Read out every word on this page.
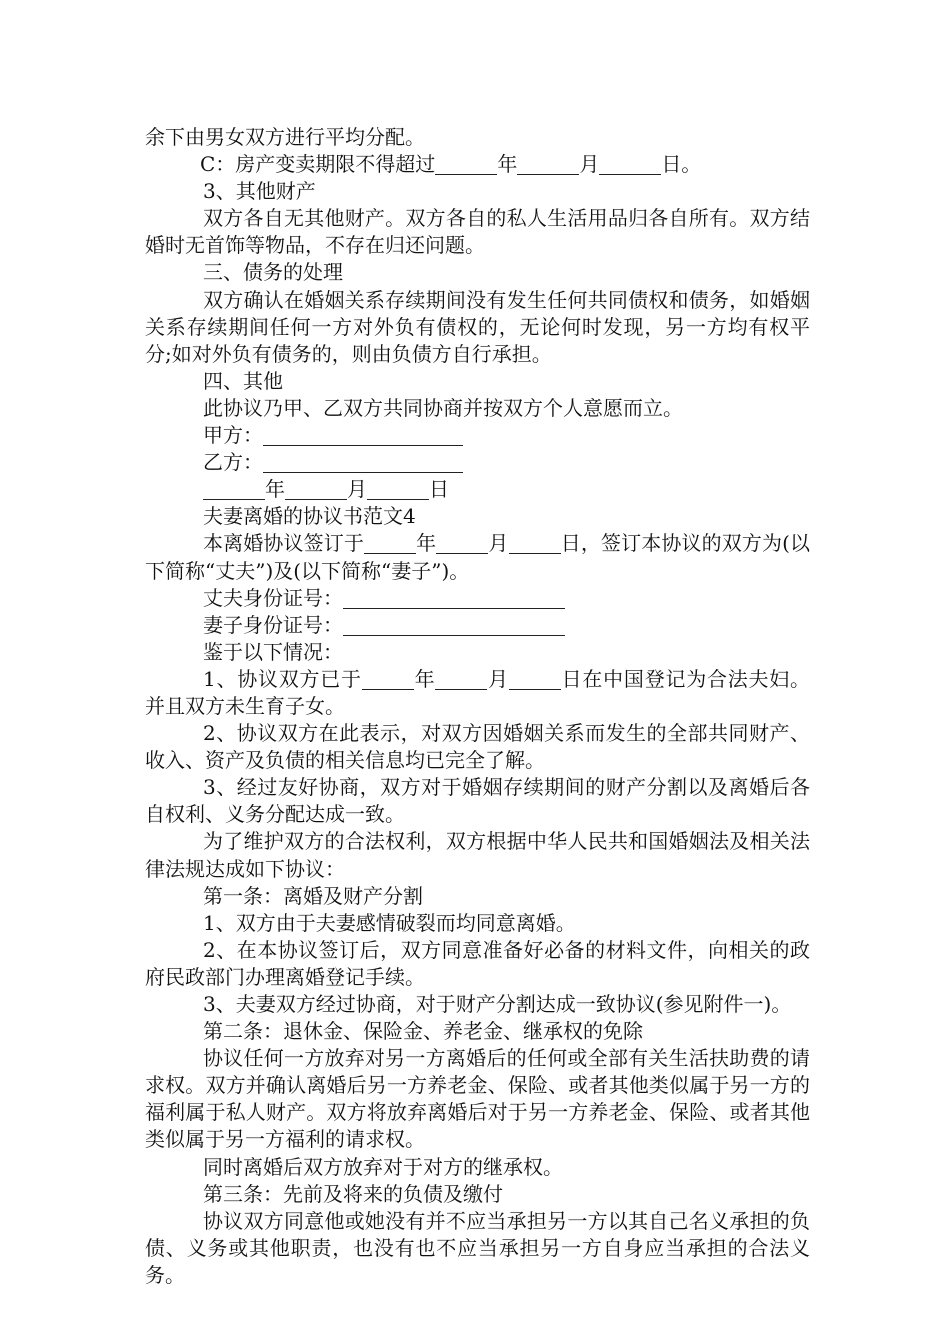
余下由男女双方进行平均分配。

C：房产变卖期限不得超过	年	月	日。

3、其他财产

双方各自无其他财产。双方各自的私人生活用品归各自所有。双方结婚时无首饰等物品，不存在归还问题。

三、债务的处理

双方确认在婚姻关系存续期间没有发生任何共同债权和债务，如婚姻关系存续期间任何一方对外负有债权的，无论何时发现，另一方均有权平分;如对外负有债务的，则由负债方自行承担。

四、其他

此协议乃甲、乙双方共同协商并按双方个人意愿而立。

甲方：

乙方：

年	月	日

夫妻离婚的协议书范文4

本离婚协议签订于	年	月	日，签订本协议的双方为(以下简称“丈夫”)及(以下简称“妻子”)。

丈夫身份证号：

妻子身份证号：

鉴于以下情况：

1、协议双方已于	年	月	日在中国登记为合法夫妇。并且双方未生育子女。

2、协议双方在此表示，对双方因婚姻关系而发生的全部共同财产、收入、资产及负债的相关信息均已完全了解。

3、经过友好协商，双方对于婚姻存续期间的财产分割以及离婚后各自权利、义务分配达成一致。

为了维护双方的合法权利，双方根据中华人民共和国婚姻法及相关法律法规达成如下协议：

第一条：离婚及财产分割

1、双方由于夫妻感情破裂而均同意离婚。

2、在本协议签订后，双方同意准备好必备的材料文件，向相关的政府民政部门办理离婚登记手续。

3、夫妻双方经过协商，对于财产分割达成一致协议(参见附件一)。

第二条：退休金、保险金、养老金、继承权的免除

协议任何一方放弃对另一方离婚后的任何或全部有关生活扶助费的请求权。双方并确认离婚后另一方养老金、保险、或者其他类似属于另一方的福利属于私人财产。双方将放弃离婚后对于另一方养老金、保险、或者其他类似属于另一方福利的请求权。

同时离婚后双方放弃对于对方的继承权。

第三条：先前及将来的负债及缴付

协议双方同意他或她没有并不应当承担另一方以其自己名义承担的负债、义务或其他职责，也没有也不应当承担另一方自身应当承担的合法义务。
